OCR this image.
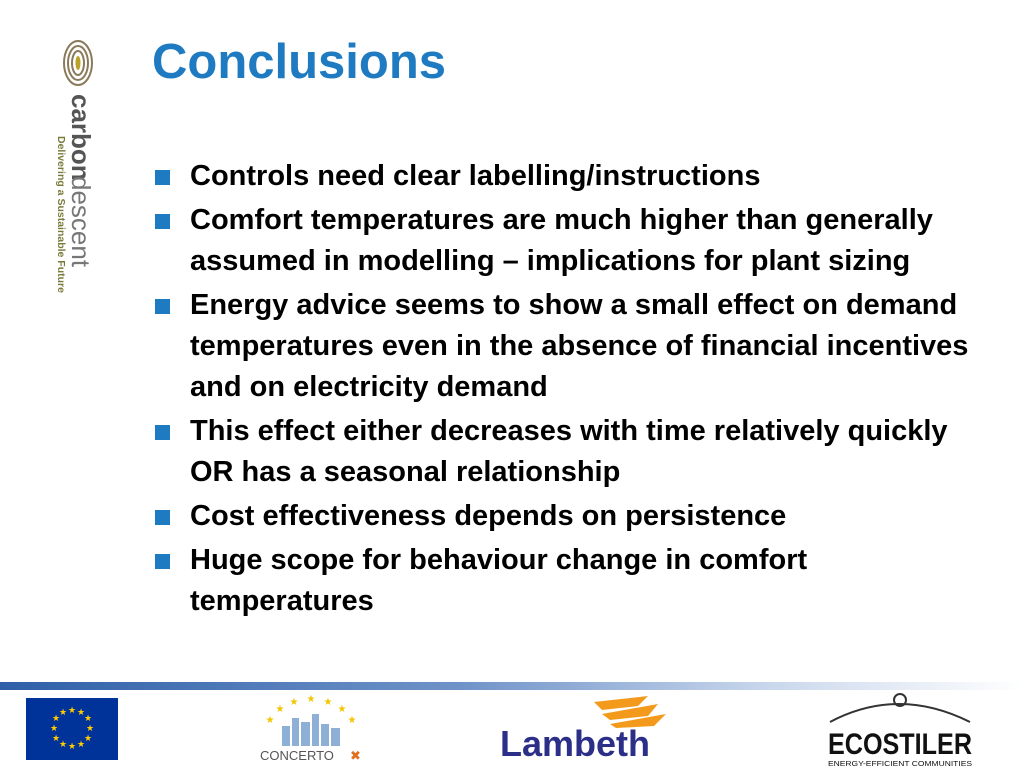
carbon
descent
Delivering a Sustainable Future
Conclusions
Controls need clear labelling/instructions
Comfort temperatures are much higher than generally assumed in modelling – implications for plant sizing
Energy advice seems to show a small effect on demand temperatures even in the absence of financial incentives and on electricity demand
This effect either decreases with time relatively quickly OR has a seasonal relationship
Cost effectiveness depends on persistence
Huge scope for behaviour change in comfort temperatures
★ ★
★
★
★
★
★
★
★
★
★
★
★
★	★
★	★
★	★
CONCERTO ✖	Lambeth	ECOSTILER
ENERGY-EFFICIENT COMMUNITIES
